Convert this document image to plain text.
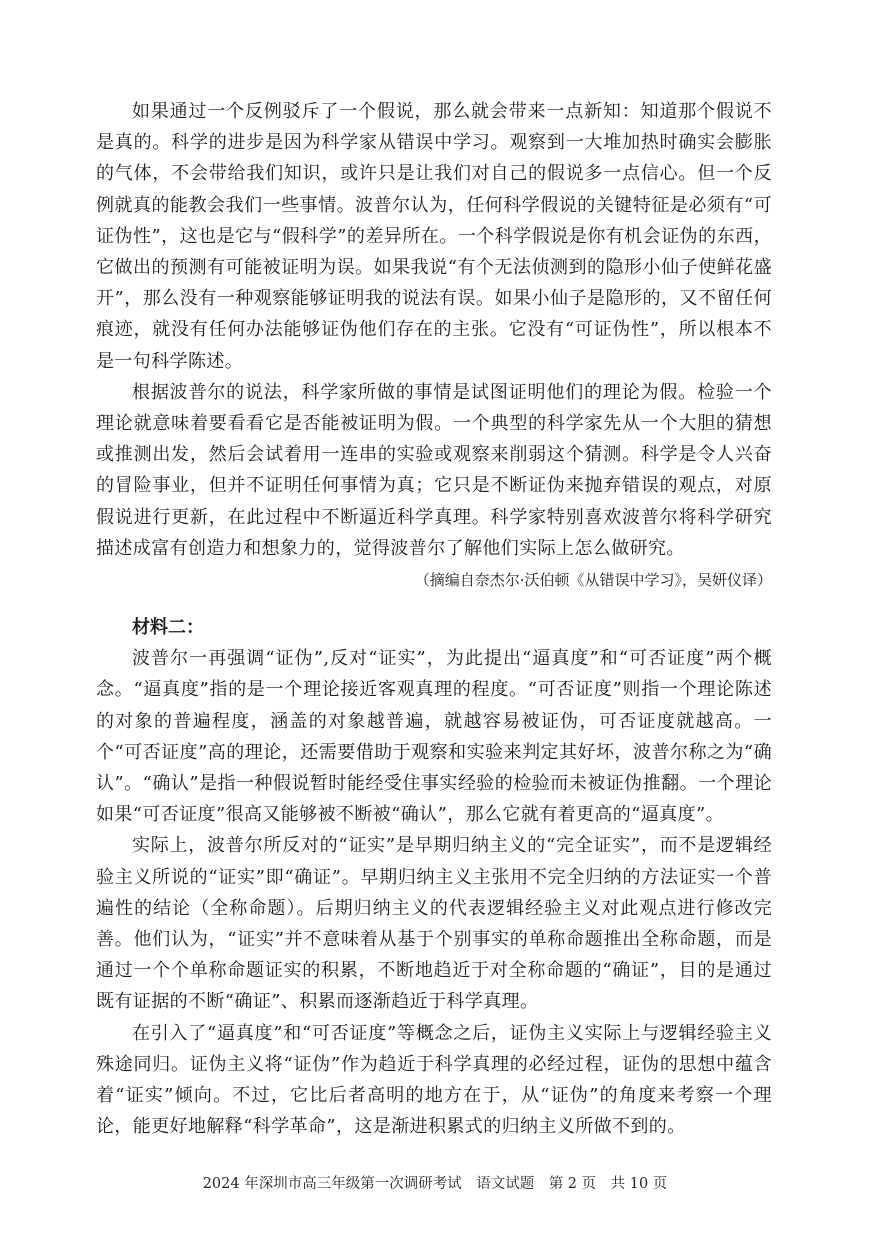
如果通过一个反例驳斥了一个假说，那么就会带来一点新知：知道那个假说不是真的。科学的进步是因为科学家从错误中学习。观察到一大堆加热时确实会膨胀的气体，不会带给我们知识，或许只是让我们对自己的假说多一点信心。但一个反例就真的能教会我们一些事情。波普尔认为，任何科学假说的关键特征是必须有“可证伪性”，这也是它与“假科学”的差异所在。一个科学假说是你有机会证伪的东西，它做出的预测有可能被证明为误。如果我说“有个无法侦测到的隐形小仙子使鲜花盛开”，那么没有一种观察能够证明我的说法有误。如果小仙子是隐形的，又不留任何痕迹，就没有任何办法能够证伪他们存在的主张。它没有“可证伪性”，所以根本不是一句科学陈述。

根据波普尔的说法，科学家所做的事情是试图证明他们的理论为假。检验一个理论就意味着要看看它是否能被证明为假。一个典型的科学家先从一个大胆的猜想或推测出发，然后会试着用一连串的实验或观察来削弱这个猜测。科学是令人兴奋的冒险事业，但并不证明任何事情为真；它只是不断证伪来抛弃错误的观点，对原假说进行更新，在此过程中不断逼近科学真理。科学家特别喜欢波普尔将科学研究描述成富有创造力和想象力的，觉得波普尔了解他们实际上怎么做研究。

（摘编自奈杰尔·沃伯顿《从错误中学习》，吴妍仪译）

材料二：

波普尔一再强调“证伪”,反对“证实”，为此提出“逼真度”和“可否证度”两个概念。“逼真度”指的是一个理论接近客观真理的程度。“可否证度”则指一个理论陈述的对象的普遍程度，涵盖的对象越普遍，就越容易被证伪，可否证度就越高。一个“可否证度”高的理论，还需要借助于观察和实验来判定其好坏，波普尔称之为“确认”。“确认”是指一种假说暂时能经受住事实经验的检验而未被证伪推翻。一个理论如果“可否证度”很高又能够被不断被“确认”，那么它就有着更高的“逼真度”。

实际上，波普尔所反对的“证实”是早期归纳主义的“完全证实”，而不是逻辑经验主义所说的“证实”即“确证”。早期归纳主义主张用不完全归纳的方法证实一个普遍性的结论（全称命题）。后期归纳主义的代表逻辑经验主义对此观点进行修改完善。他们认为，“证实”并不意味着从基于个别事实的单称命题推出全称命题，而是通过一个个单称命题证实的积累，不断地趋近于对全称命题的“确证”，目的是通过既有证据的不断“确证”、积累而逐渐趋近于科学真理。

在引入了“逼真度”和“可否证度”等概念之后，证伪主义实际上与逻辑经验主义殊途同归。证伪主义将“证伪”作为趋近于科学真理的必经过程，证伪的思想中蕴含着“证实”倾向。不过，它比后者高明的地方在于，从“证伪”的角度来考察一个理论，能更好地解释“科学革命”，这是渐进积累式的归纳主义所做不到的。

2024 年深圳市高三年级第一次调研考试　语文试题　第 2 页　共 10 页
